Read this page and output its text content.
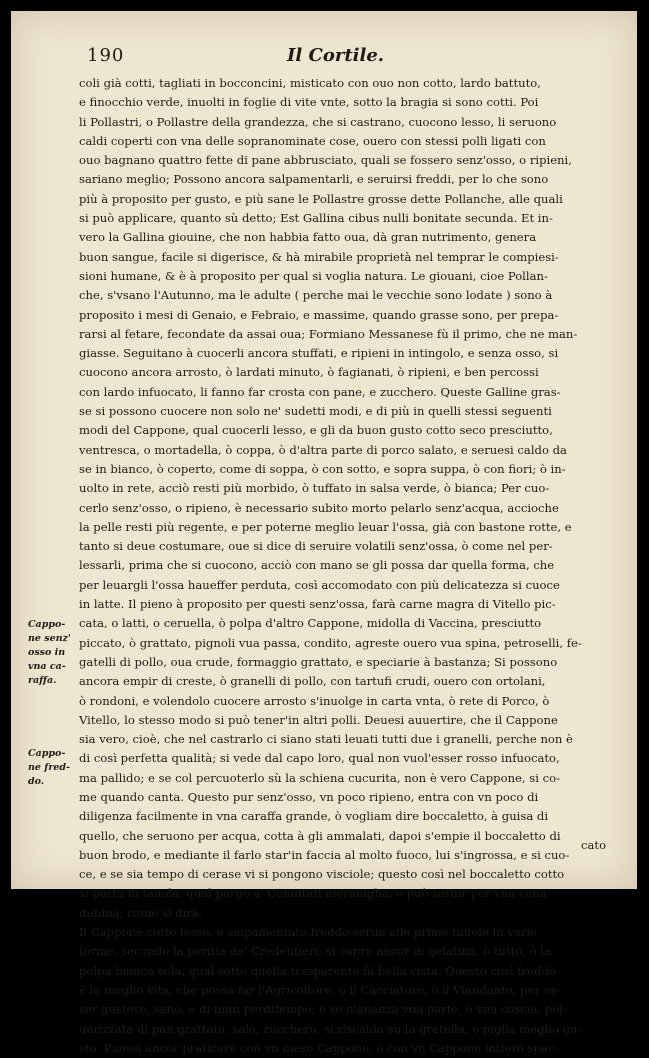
190	Il Cortile.
coli già cotti, tagliati in bocconcini, misticato con ouo non cotto, lardo battuto,
e finocchio verde, inuolti in foglie di vite vnte, sotto la bragia si sono cotti. Poi
li Pollastri, o Pollastre della grandezza, che si castrano, cuocono lesso, li seruono
caldi coperti con vna delle sopranominate cose, ouero con stessi polli ligati con
ouo bagnano quattro fette di pane abbrusciato, quali se fossero senz'osso, o ripieni,
sariano meglio; Possono ancora salpamentarli, e seruirsi freddi, per lo che sono
più à proposito per gusto, e più sane le Pollastre grosse dette Pollanche, alle quali
si può applicare, quanto sù detto; Est Gallina cibus nulli bonitate secunda. Et in-
vero la Gallina giouine, che non habbia fatto oua, dà gran nutrimento, genera
buon sangue, facile si digerisce, & hà mirabile proprietà nel temprar le compiesi-
sioni humane, & è à proposito per qual si voglia natura. Le giouani, cioe Pollan-
che, s'vsano l'Autunno, ma le adulte ( perche mai le vecchie sono lodate ) sono à
proposito i mesi di Genaio, e Febraio, e massime, quando grasse sono, per prepa-
rarsi al fetare, fecondate da assai oua; Formiano Messanese fù il primo, che ne man-
giasse. Seguitano à cuocerli ancora stuffati, e ripieni in intingolo, e senza osso, si
cuocono ancora arrosto, ò lardati minuto, ò fagianati, ò ripieni, e ben percossi
con lardo infuocato, li fanno far crosta con pane, e zucchero. Queste Galline gras-
se si possono cuocere non solo ne' sudetti modi, e di più in quelli stessi seguenti
modi del Cappone, qual cuocerli lesso, e gli da buon gusto cotto seco presciutto,
ventresca, o mortadella, ò coppa, ò d'altra parte di porco salato, e seruesi caldo da
se in bianco, ò coperto, come di soppa, ò con sotto, e sopra suppa, ò con fiori; ò in-
uolto in rete, acciò resti più morbido, ò tuffato in salsa verde, ò bianca; Per cuo-
cerlo senz'osso, o ripieno, è necessario subito morto pelarlo senz'acqua, accioche
la pelle resti più regente, e per poterne meglio leuar l'ossa, già con bastone rotte, e
tanto si deue costumare, oue si dice di seruire volatili senz'ossa, ò come nel per-
lessarli, prima che si cuocono, acciò con mano se gli possa dar quella forma, che
per leuargli l'ossa haueffer perduta, così accomodato con più delicatezza si cuoce
in latte. Il pieno à proposito per questi senz'ossa, farà carne magra di Vitello pic-
cata, o latti, o ceruella, ò polpa d'altro Cappone, midolla di Vaccina, presciutto
piccato, ò grattato, pignoli vua passa, condito, agreste ouero vua spina, petroselli, fe-
gatelli di pollo, oua crude, formaggio grattato, e speciarie à bastanza; Si possono
ancora empir di creste, ò granelli di pollo, con tartufi crudi, ouero con ortolani,
ò rondoni, e volendolo cuocere arrosto s'inuolge in carta vnta, ò rete di Porco, ò
Vitello, lo stesso modo si può tener'in altri polli. Deuesi auuertire, che il Cappone
sia vero, cioè, che nel castrarlo ci siano stati leuati tutti due i granelli, perche non è
di così perfetta qualità; si vede dal capo loro, qual non vuol'esser rosso infuocato,
ma pallido; e se col percuoterlo sù la schiena cucurita, non è vero Cappone, si co-
me quando canta. Questo pur senz'osso, vn poco ripieno, entra con vn poco di
diligenza facilmente in vna caraffa grande, ò vogliam dire boccaletto, à guisa di
quello, che seruono per acqua, cotta à gli ammalati, dapoi s'empie il boccaletto di
buon brodo, e mediante il farlo star'in faccia al molto fuoco, lui s'ingrossa, e si cuo-
ce, e se sia tempo di cerase vi si pongono visciole; questo così nel boccaletto cotto
si porta in tauola. qual porge a' Conuitati meraniglia, e può seruir per vna cena
dubbia; come si dirà.
Il Cappone cotto lesso, e salpamentato freddo serue alle prime tauole in varie
forme, secondo la peritia de' Credentieri; si copre ancor di gelatina, ò tutto, ò la
polpa bianca sola, qual sotto quella trasparente fà bella vista. Questo così freddo
è la meglio vita, che possa far l'Agricoltore, o il Cacciatore, ò il Viandante, per es-
ser gustoso, sano, e di niun perditempo; e se n'auanza vna parte, ò vna coscia, pol-
uerizzata di pan grattato, sale, zucchero, si riscalda sù la gratella, e piglia meglio gu-
sto. Puossi ancor praticare con vn mezo Cappone, ò con vn Cappone intiero spac-
Cappo-
ne senz'
osso in
vna ca-
raffa.
Cappo-
ne fred-
do.
cato
